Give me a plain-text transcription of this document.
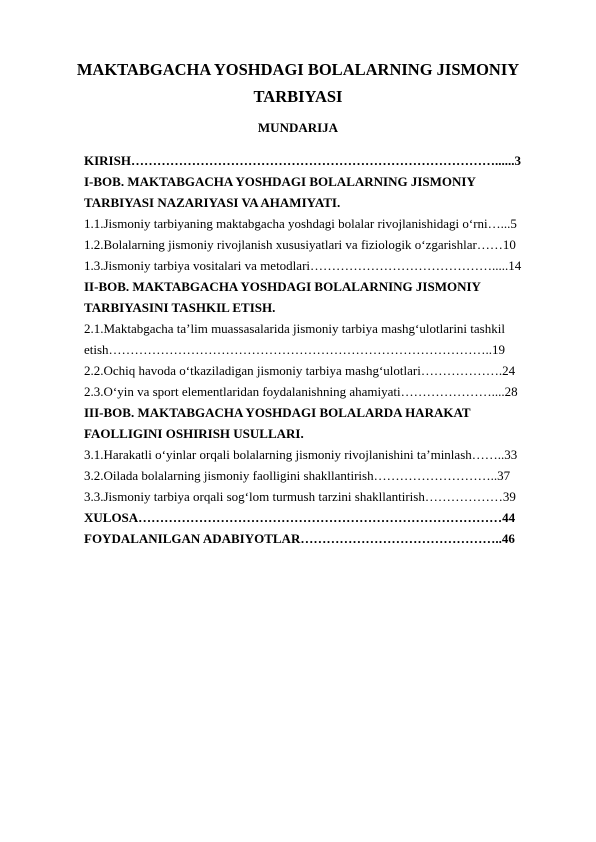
MAKTABGACHA YOSHDAGI BOLALARNING JISMONIY
TARBIYASI
MUNDARIJA
KIRISH…………………………………………………………………………......3
I-BOB. MAKTABGACHA YOSHDAGI BOLALARNING JISMONIY
TARBIYASI NAZARIYASI VA AHAMIYATI.
1.1.Jismoniy tarbiyaning maktabgacha yoshdagi bolalar rivojlanishidagi o‘rni…...5
1.2.Bolalarning jismoniy rivojlanish xususiyatlari va fiziologik o‘zgarishlar……10
1.3.Jismoniy tarbiya vositalari va metodlari…………………………………….....14
II-BOB. MAKTABGACHA YOSHDAGI BOLALARNING JISMONIY
TARBIYASINI TASHKIL ETISH.
2.1.Maktabgacha ta’lim muassasalarida jismoniy tarbiya mashg‘ulotlarini tashkil
etish……………………………………………………………………………..19
2.2.Ochiq havoda o‘tkaziladigan jismoniy tarbiya mashg‘ulotlari……………….24
2.3.O‘yin va sport elementlaridan foydalanishning ahamiyati…………………....28
III-BOB. MAKTABGACHA YOSHDAGI BOLALARDA HARAKAT
FAOLLIGINI OSHIRISH USULLARI.
3.1.Harakatli o‘yinlar orqali bolalarning jismoniy rivojlanishini ta’minlash……..33
3.2.Oilada bolalarning jismoniy faolligini shakllantirish………………………..37
3.3.Jismoniy tarbiya orqali sog‘lom turmush tarzini shakllantirish………………39
XULOSA…………………………………………………………………………44
FOYDALANILGAN ADABIYOTLAR………………………………………..46
